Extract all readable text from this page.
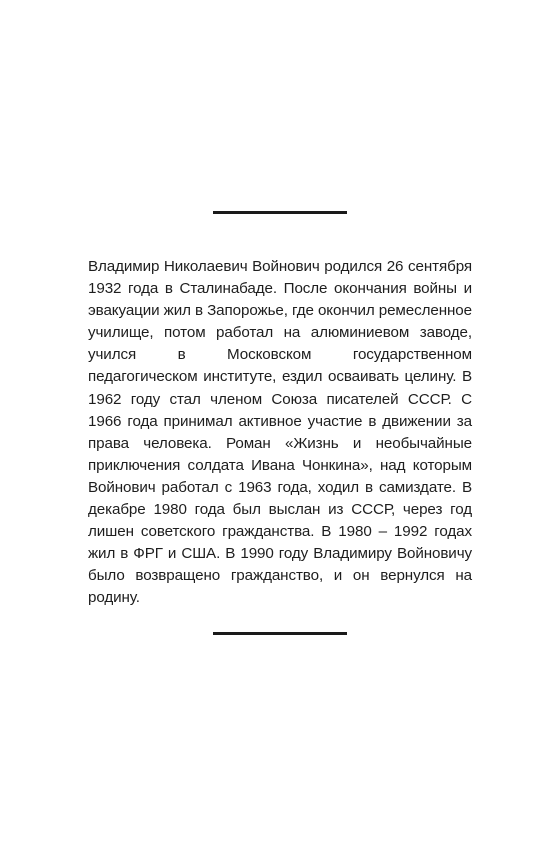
Владимир Николаевич Войнович родился 26 сентября 1932 года в Сталинабаде. После окончания войны и эвакуации жил в Запорожье, где окончил ремесленное училище, потом работал на алюминиевом заводе, учился в Московском государственном педагогическом институте, ездил осваивать целину. В 1962 году стал членом Союза писателей СССР. С 1966 года принимал активное участие в движении за права человека. Роман «Жизнь и необычайные приключения солдата Ивана Чонкина», над которым Войнович работал с 1963 года, ходил в самиздате. В декабре 1980 года был выслан из СССР, через год лишен советского гражданства. В 1980 – 1992 годах жил в ФРГ и США. В 1990 году Владимиру Войновичу было возвращено гражданство, и он вернулся на родину.
